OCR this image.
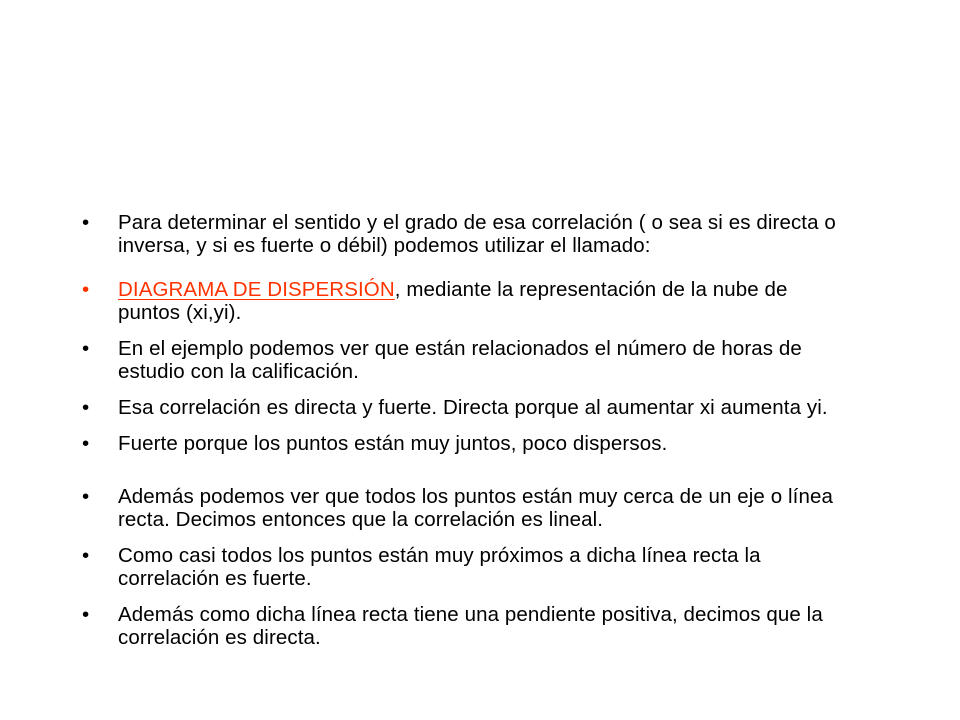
• Para determinar el sentido y el grado de esa correlación ( o sea si es directa o inversa, y si es fuerte o débil) podemos utilizar el llamado:
• DIAGRAMA DE DISPERSIÓN, mediante la representación de la nube de puntos (xi,yi).
• En el ejemplo podemos ver que están relacionados el número de horas de estudio con la calificación.
• Esa correlación es directa y fuerte. Directa porque al aumentar xi aumenta yi.
• Fuerte porque los puntos están muy juntos, poco dispersos.
• Además podemos ver que todos los puntos están muy cerca de un eje o línea recta. Decimos entonces que la correlación es lineal.
• Como casi todos los puntos están muy próximos a dicha línea recta la correlación es fuerte.
• Además como dicha línea recta tiene una pendiente positiva, decimos que la correlación es directa.
